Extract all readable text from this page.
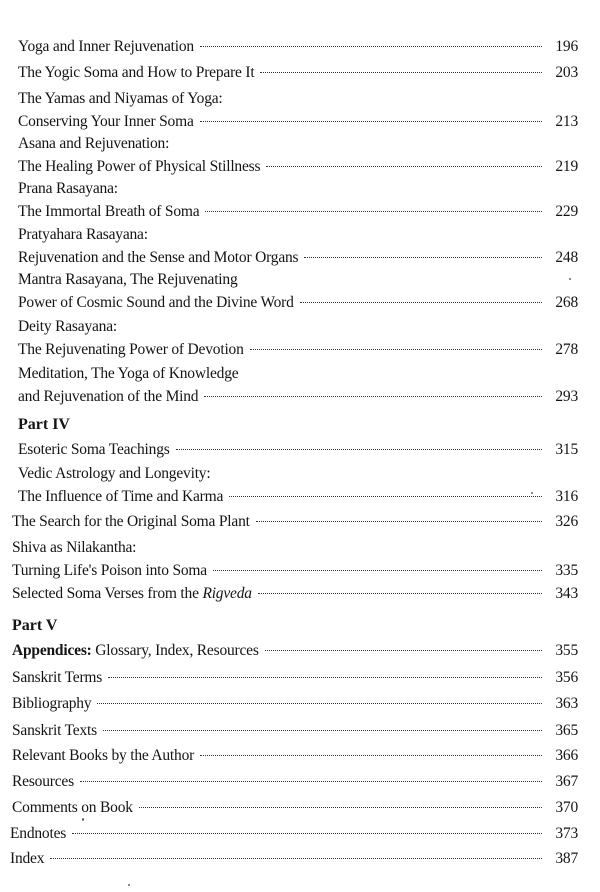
Yoga and Inner Rejuvenation	196
The Yogic Soma and How to Prepare It	203
The Yamas and Niyamas of Yoga:
Conserving Your Inner Soma	213
Asana and Rejuvenation:
The Healing Power of Physical Stillness	219
Prana Rasayana:
The Immortal Breath of Soma	229
Pratyahara Rasayana:
Rejuvenation and the Sense and Motor Organs	248
Mantra Rasayana, The Rejuvenating
Power of Cosmic Sound and the Divine Word	268
Deity Rasayana:
The Rejuvenating Power of Devotion	278
Meditation, The Yoga of Knowledge
and Rejuvenation of the Mind	293
Part IV
Esoteric Soma Teachings	315
Vedic Astrology and Longevity:
The Influence of Time and Karma	316
The Search for the Original Soma Plant	326
Shiva as Nilakantha:
Turning Life's Poison into Soma	335
Selected Soma Verses from the Rigveda	343
Part V
Appendices: Glossary, Index, Resources	355
Sanskrit Terms	356
Bibliography	363
Sanskrit Texts	365
Relevant Books by the Author	366
Resources	367
Comments on Book	370
Endnotes	373
Index	387
